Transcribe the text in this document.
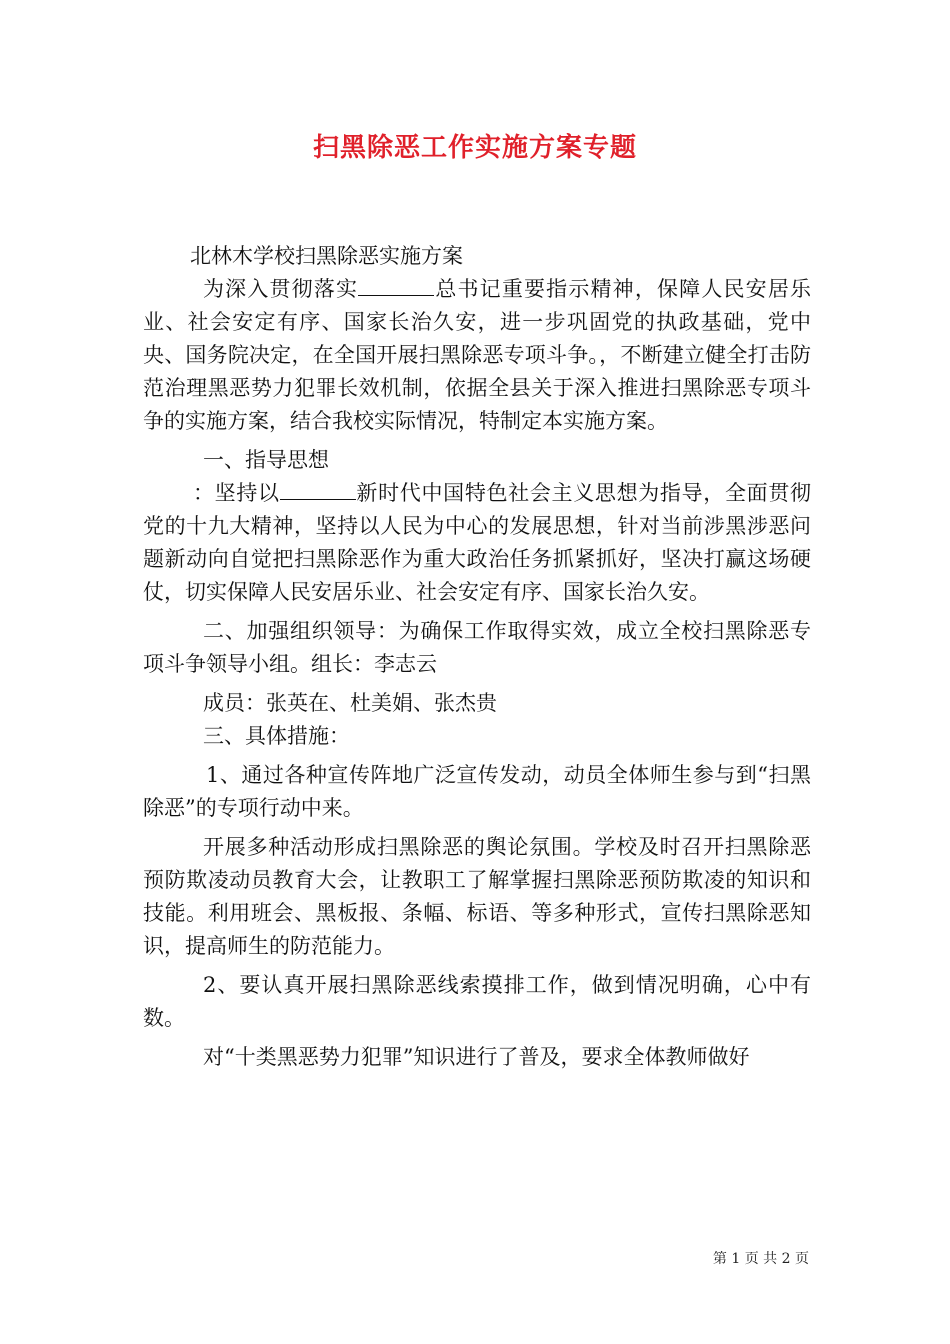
扫黑除恶工作实施方案专题

北林木学校扫黑除恶实施方案

为深入贯彻落实	总书记重要指示精神，保障人民安居乐业、社会安定有序、国家长治久安，进一步巩固党的执政基础，党中央、国务院决定，在全国开展扫黑除恶专项斗争。，不断建立健全打击防范治理黑恶势力犯罪长效机制，依据全县关于深入推进扫黑除恶专项斗争的实施方案，结合我校实际情况，特制定本实施方案。

一、指导思想

：坚持以	新时代中国特色社会主义思想为指导，全面贯彻党的十九大精神，坚持以人民为中心的发展思想，针对当前涉黑涉恶问题新动向自觉把扫黑除恶作为重大政治任务抓紧抓好，坚决打赢这场硬仗，切实保障人民安居乐业、社会安定有序、国家长治久安。

二、加强组织领导：为确保工作取得实效，成立全校扫黑除恶专项斗争领导小组。组长：李志云

成员：张英在、杜美娟、张杰贵

三、具体措施：

1、通过各种宣传阵地广泛宣传发动，动员全体师生参与到“扫黑除恶”的专项行动中来。

开展多种活动形成扫黑除恶的舆论氛围。学校及时召开扫黑除恶预防欺凌动员教育大会，让教职工了解掌握扫黑除恶预防欺凌的知识和技能。利用班会、黑板报、条幅、标语、等多种形式，宣传扫黑除恶知识，提高师生的防范能力。

2、要认真开展扫黑除恶线索摸排工作，做到情况明确，心中有数。

对“十类黑恶势力犯罪”知识进行了普及，要求全体教师做好

第 1 页 共 2 页
